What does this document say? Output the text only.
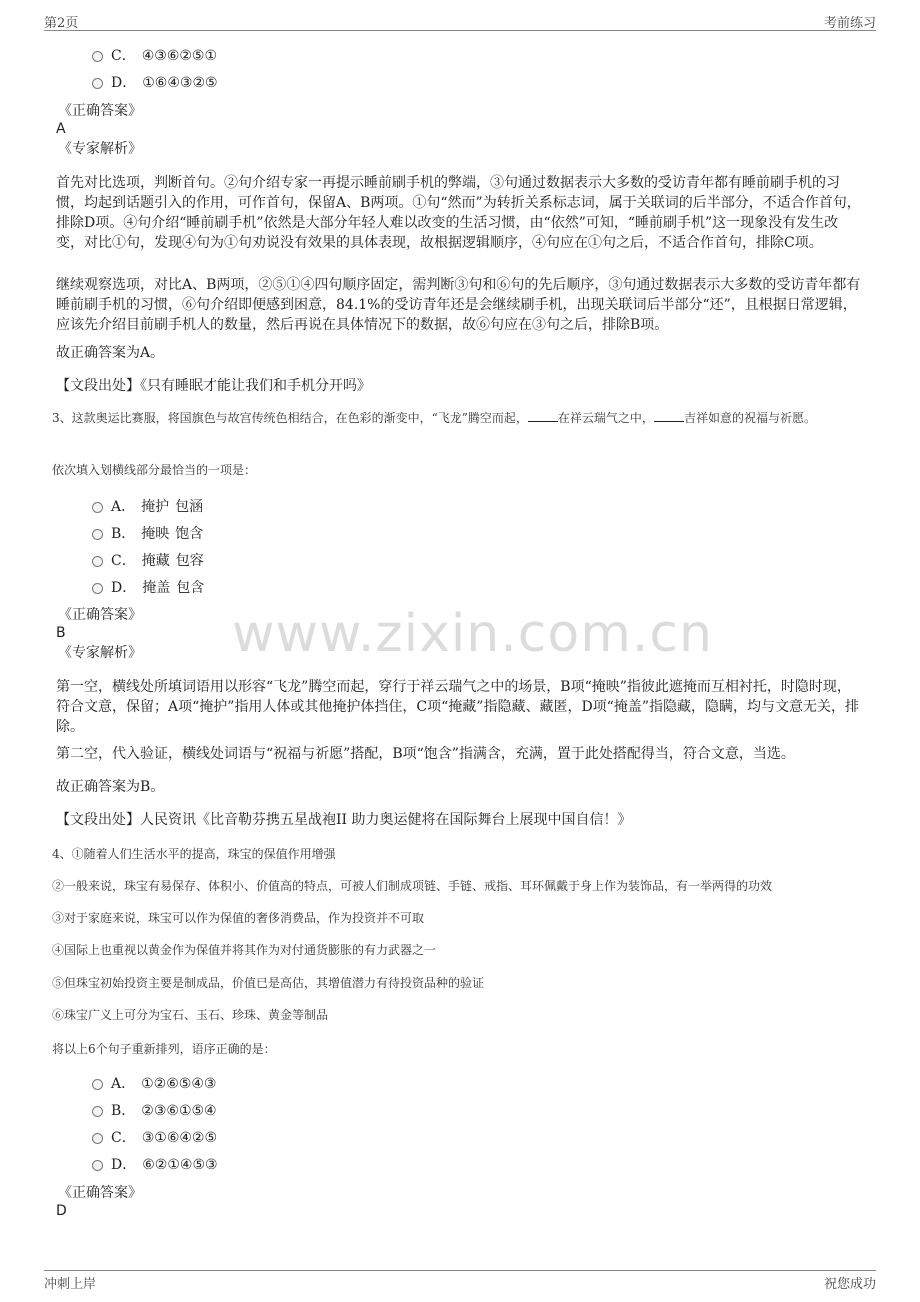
第2页	考前练习
www.zixin.com.cn
C． ④③⑥②⑤①
D． ①⑥④③②⑤
《正确答案》
A
《专家解析》
首先对比选项，判断首句。②句介绍专家一再提示睡前刷手机的弊端，③句通过数据表示大多数的受访青年都有睡前刷手机的习惯，均起到话题引入的作用，可作首句，保留A、B两项。①句“然而”为转折关系标志词，属于关联词的后半部分，不适合作首句，排除D项。④句介绍“睡前刷手机”依然是大部分年轻人难以改变的生活习惯，由“依然”可知，“睡前刷手机”这一现象没有发生改变，对比①句，发现④句为①句劝说没有效果的具体表现，故根据逻辑顺序，④句应在①句之后，不适合作首句，排除C项。
继续观察选项，对比A、B两项，②⑤①④四句顺序固定，需判断③句和⑥句的先后顺序，③句通过数据表示大多数的受访青年都有睡前刷手机的习惯，⑥句介绍即便感到困意，84.1%的受访青年还是会继续刷手机，出现关联词后半部分“还”，且根据日常逻辑，应该先介绍目前刷手机人的数量，然后再说在具体情况下的数据，故⑥句应在③句之后，排除B项。
故正确答案为A。
【文段出处】《只有睡眠才能让我们和手机分开吗》
3、这款奥运比赛服，将国旗色与故宫传统色相结合，在色彩的渐变中，“飞龙”腾空而起，	在祥云瑞气之中，	吉祥如意的祝福与祈愿。
依次填入划横线部分最恰当的一项是：
A． 掩护 包涵
B． 掩映 饱含
C． 掩藏 包容
D． 掩盖 包含
《正确答案》
B
《专家解析》
第一空，横线处所填词语用以形容“飞龙”腾空而起，穿行于祥云瑞气之中的场景，B项“掩映”指彼此遮掩而互相衬托，时隐时现，符合文意，保留；A项“掩护”指用人体或其他掩护体挡住，C项“掩藏”指隐藏、藏匿，D项“掩盖”指隐藏，隐瞒，均与文意无关，排除。
第二空，代入验证，横线处词语与“祝福与祈愿”搭配，B项“饱含”指满含，充满，置于此处搭配得当，符合文意，当选。
故正确答案为B。
【文段出处】人民资讯《比音勒芬携五星战袍II 助力奥运健将在国际舞台上展现中国自信！》
4、①随着人们生活水平的提高，珠宝的保值作用增强
②一般来说，珠宝有易保存、体积小、价值高的特点，可被人们制成项链、手链、戒指、耳环佩戴于身上作为装饰品，有一举两得的功效
③对于家庭来说，珠宝可以作为保值的奢侈消费品，作为投资并不可取
④国际上也重视以黄金作为保值并将其作为对付通货膨胀的有力武器之一
⑤但珠宝初始投资主要是制成品，价值已是高估，其增值潜力有待投资品种的验证
⑥珠宝广义上可分为宝石、玉石、珍珠、黄金等制品
将以上6个句子重新排列，语序正确的是：
A． ①②⑥⑤④③
B． ②③⑥①⑤④
C． ③①⑥④②⑤
D． ⑥②①④⑤③
《正确答案》
D
冲刺上岸	祝您成功
